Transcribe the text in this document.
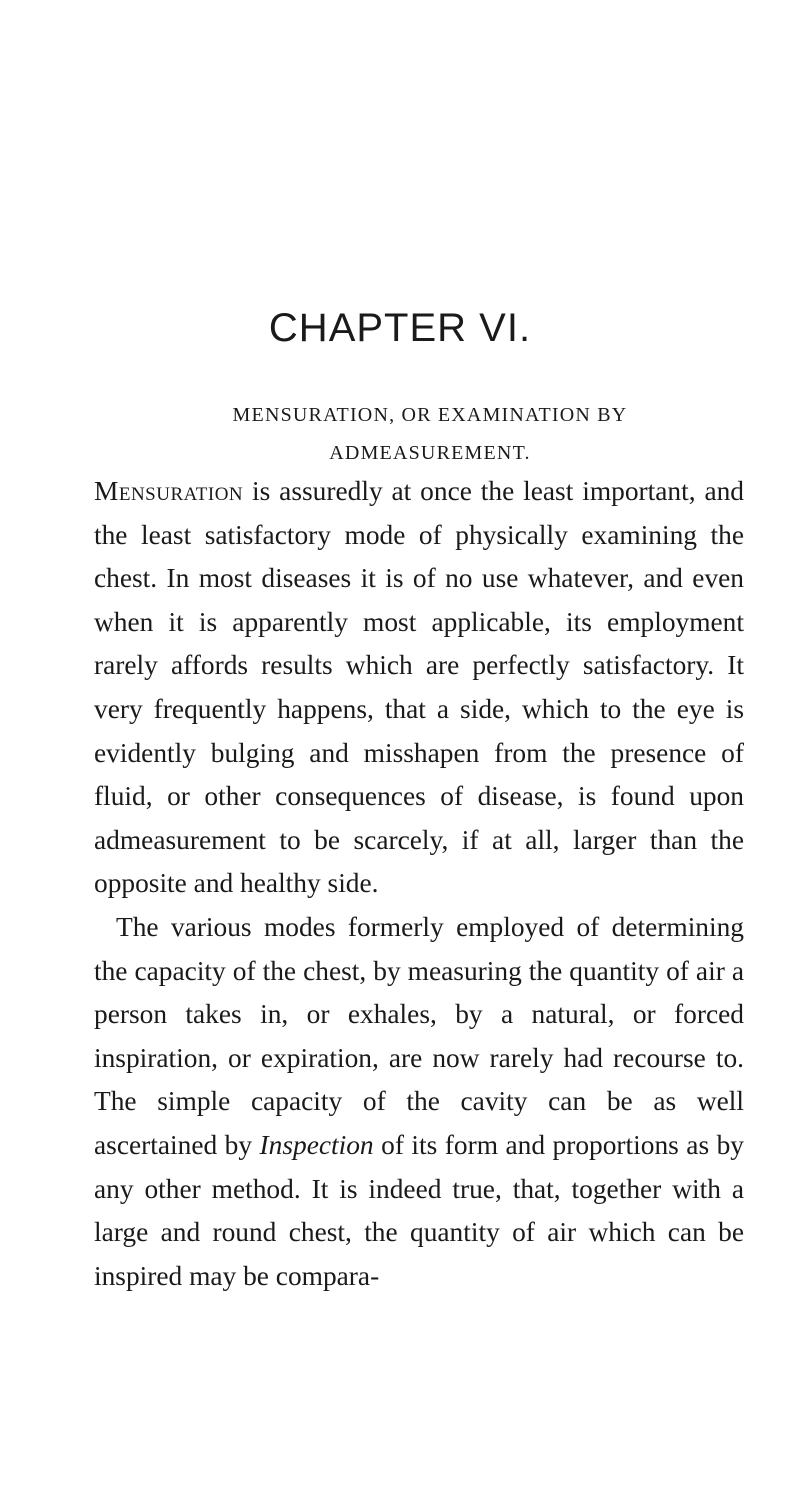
CHAPTER VI.
MENSURATION, OR EXAMINATION BY
ADMEASUREMENT.

Mensuration is assuredly at once the least important, and the least satisfactory mode of physically examining the chest. In most diseases it is of no use whatever, and even when it is apparently most applicable, its employment rarely affords results which are perfectly satisfactory. It very frequently happens, that a side, which to the eye is evidently bulging and misshapen from the presence of fluid, or other consequences of disease, is found upon admeasurement to be scarcely, if at all, larger than the opposite and healthy side.

The various modes formerly employed of determining the capacity of the chest, by measuring the quantity of air a person takes in, or exhales, by a natural, or forced inspiration, or expiration, are now rarely had recourse to. The simple capacity of the cavity can be as well ascertained by Inspection of its form and proportions as by any other method. It is indeed true, that, together with a large and round chest, the quantity of air which can be inspired may be compara-
